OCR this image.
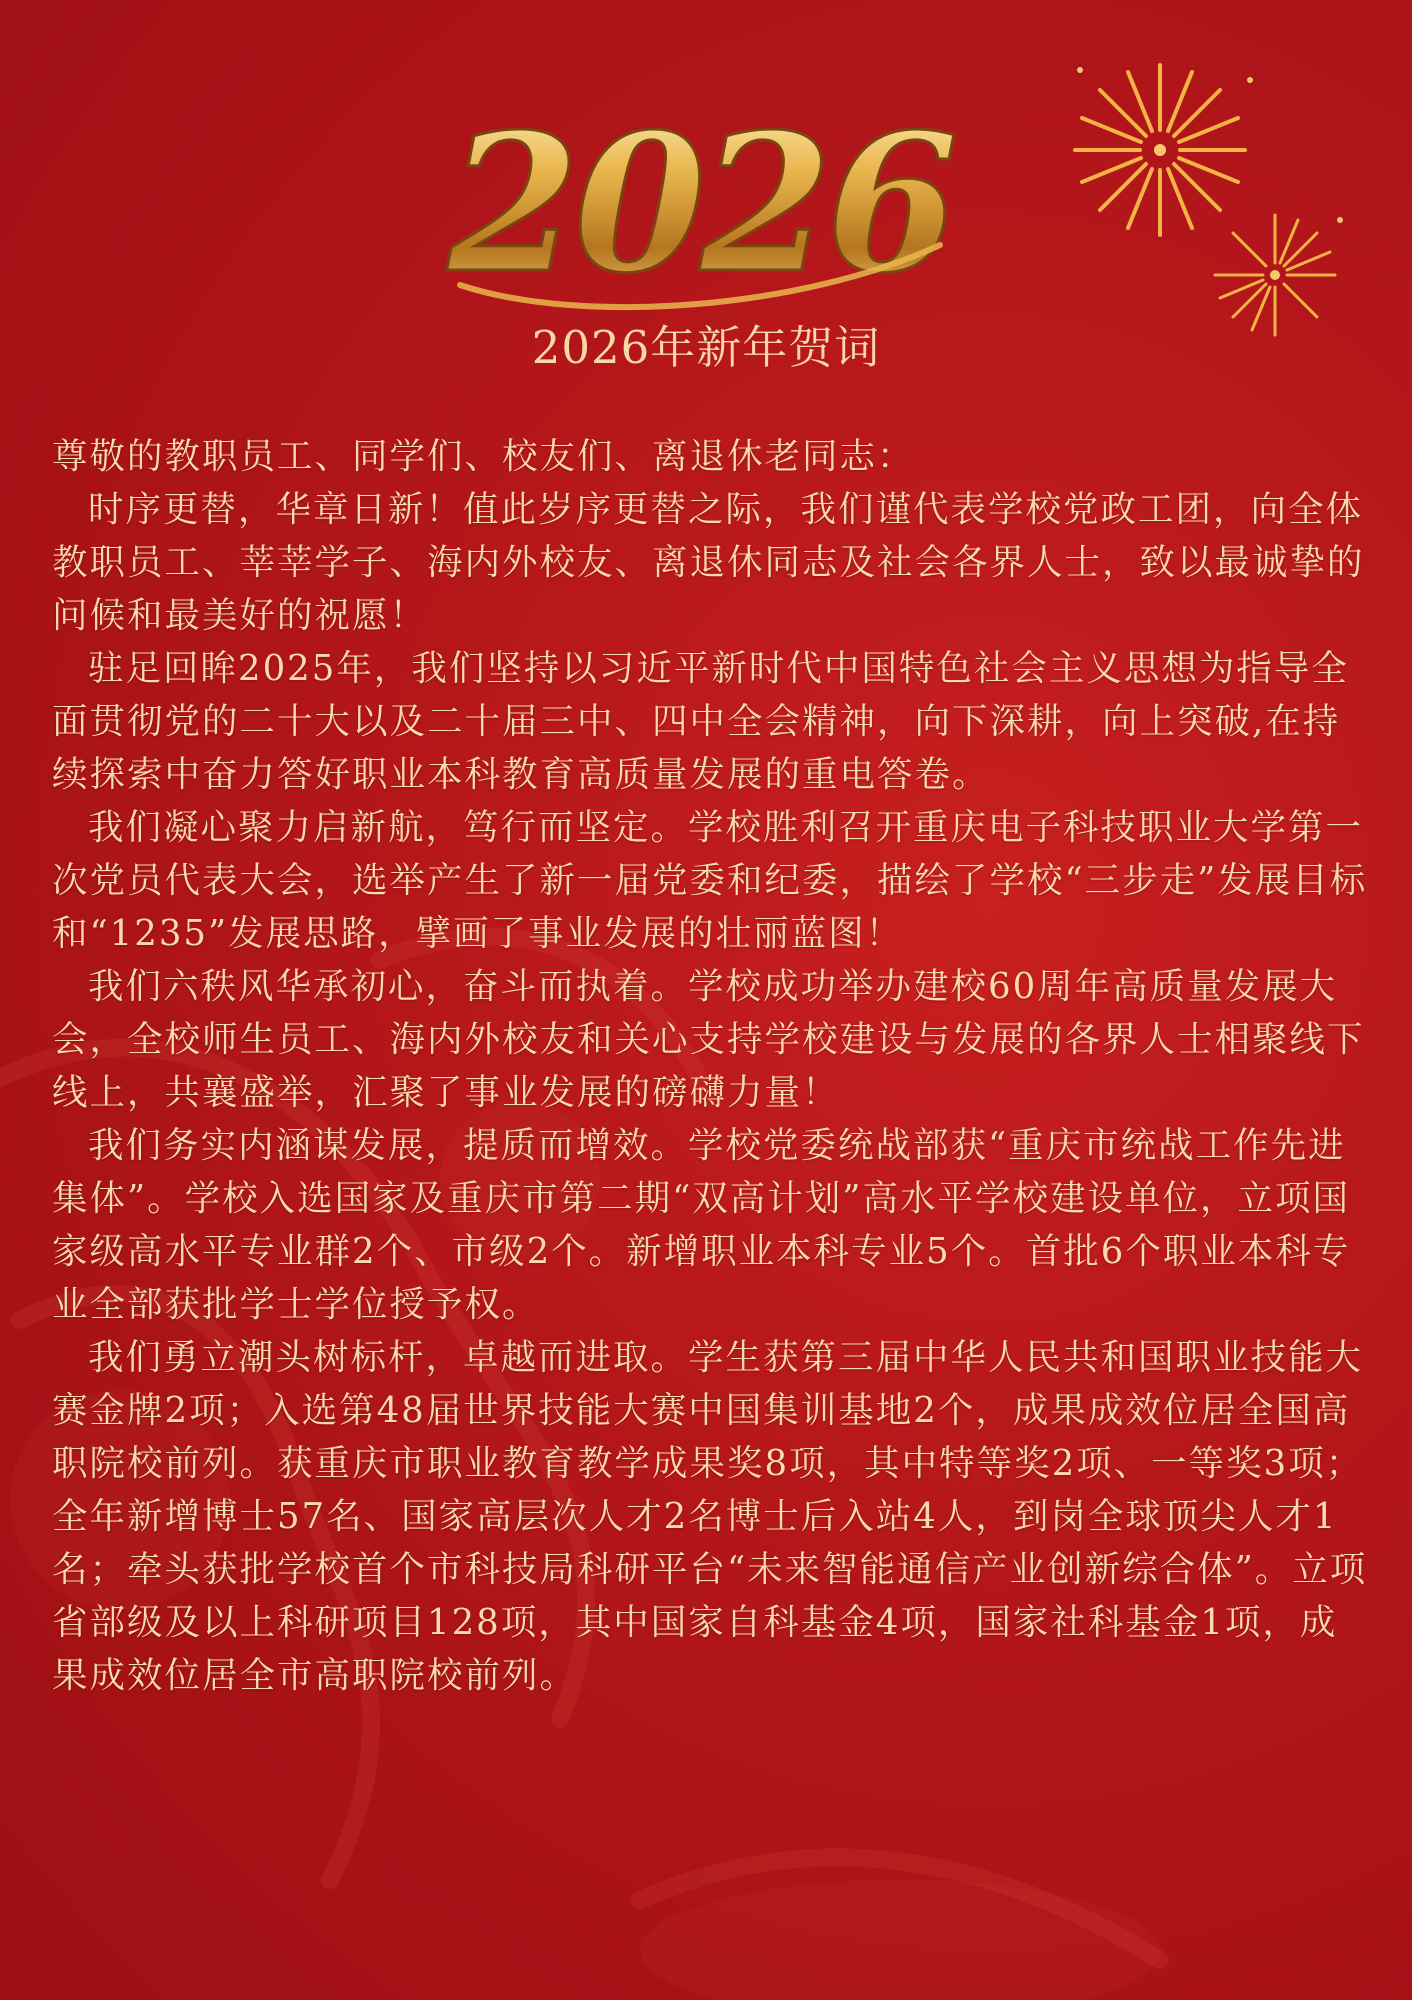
2026
2026年新年贺词

尊敬的教职员工、同学们、校友们、离退休老同志：

时序更替，华章日新！值此岁序更替之际，我们谨代表学校党政工团，向全体教职员工、莘莘学子、海内外校友、离退休同志及社会各界人士，致以最诚挚的问候和最美好的祝愿！

驻足回眸2025年，我们坚持以习近平新时代中国特色社会主义思想为指导全面贯彻党的二十大以及二十届三中、四中全会精神，向下深耕，向上突破,在持续探索中奋力答好职业本科教育高质量发展的重电答卷。

我们凝心聚力启新航，笃行而坚定。学校胜利召开重庆电子科技职业大学第一次党员代表大会，选举产生了新一届党委和纪委，描绘了学校“三步走”发展目标和“1235”发展思路，擘画了事业发展的壮丽蓝图！

我们六秩风华承初心，奋斗而执着。学校成功举办建校60周年高质量发展大会，全校师生员工、海内外校友和关心支持学校建设与发展的各界人士相聚线下线上，共襄盛举，汇聚了事业发展的磅礴力量！

我们务实内涵谋发展，提质而增效。学校党委统战部获“重庆市统战工作先进集体”。学校入选国家及重庆市第二期“双高计划”高水平学校建设单位，立项国家级高水平专业群2个、市级2个。新增职业本科专业5个。首批6个职业本科专业全部获批学士学位授予权。

我们勇立潮头树标杆，卓越而进取。学生获第三届中华人民共和国职业技能大赛金牌2项；入选第48届世界技能大赛中国集训基地2个，成果成效位居全国高职院校前列。获重庆市职业教育教学成果奖8项，其中特等奖2项、一等奖3项；全年新增博士57名、国家高层次人才2名博士后入站4人，到岗全球顶尖人才1名；牵头获批学校首个市科技局科研平台“未来智能通信产业创新综合体”。立项省部级及以上科研项目128项，其中国家自科基金4项，国家社科基金1项，成果成效位居全市高职院校前列。
